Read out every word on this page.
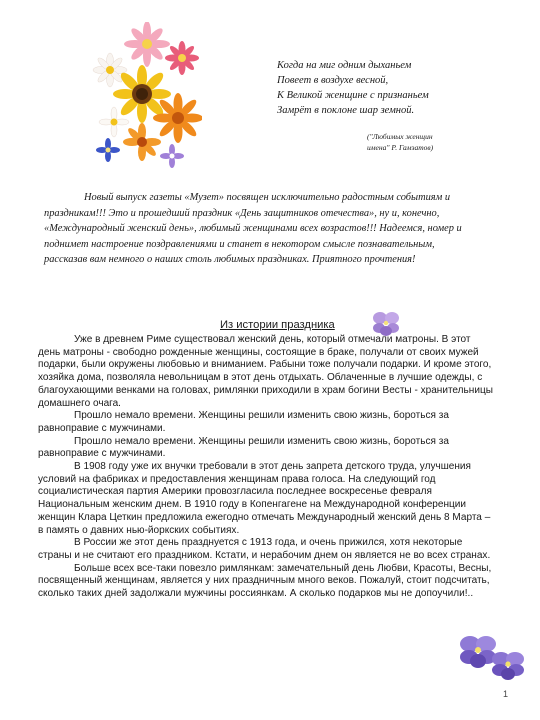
Когда на миг одним дыханьем
Повеет в воздухе весной,
К Великой женщине с признаньем
Замрёт в поклоне шар земной.
("Любимых женщин
имена" Р. Гамзатов)
Новый выпуск газеты «Музет» посвящен исключительно радостным событиям и праздникам!!! Это и прошедший праздник «День защитников отечества», ну и, конечно, «Международный женский день», любимый женщинами всех возрастов!!! Надеемся, номер и поднимет настроение поздравлениями и станет в некотором смысле познавательным, рассказав вам немного о наших столь любимых праздниках. Приятного прочтения!
Из истории праздника

Уже в древнем Риме существовал женский день, который отмечали матроны. В этот день матроны - свободно рожденные женщины, состоящие в браке, получали от своих мужей подарки, были окружены любовью и вниманием. Рабыни тоже получали подарки. И кроме этого, хозяйка дома, позволяла невольницам в этот день отдыхать. Облаченные в лучшие одежды, с благоухающими венками на головах, римлянки приходили в храм богини Весты - хранительницы домашнего очага.

Прошло немало времени. Женщины решили изменить свою жизнь, бороться за равноправие с мужчинами.

Прошло немало времени. Женщины решили изменить свою жизнь, бороться за равноправие с мужчинами.

В 1908 году уже их внучки требовали в этот день запрета детского труда, улучшения условий на фабриках и предоставления женщинам права голоса. На следующий год социалистическая партия Америки провозгласила последнее воскресенье февраля Национальным женским днем. В 1910 году в Копенгагене на Международной конференции женщин Клара Цеткин предложила ежегодно отмечать Международный женский день 8 Марта – в память о давних нью-йоркских событиях.

В России же этот день празднуется с 1913 года, и очень прижился, хотя некоторые страны и не считают его праздником. Кстати, и нерабочим днем он является не во всех странах.

Больше всех все-таки повезло римлянкам: замечательный день Любви, Красоты, Весны, посвященный женщинам, является у них праздничным много веков. Пожалуй, стоит подсчитать, сколько таких дней задолжали мужчины россиянкам. А сколько подарков мы не допоучили!..

1
